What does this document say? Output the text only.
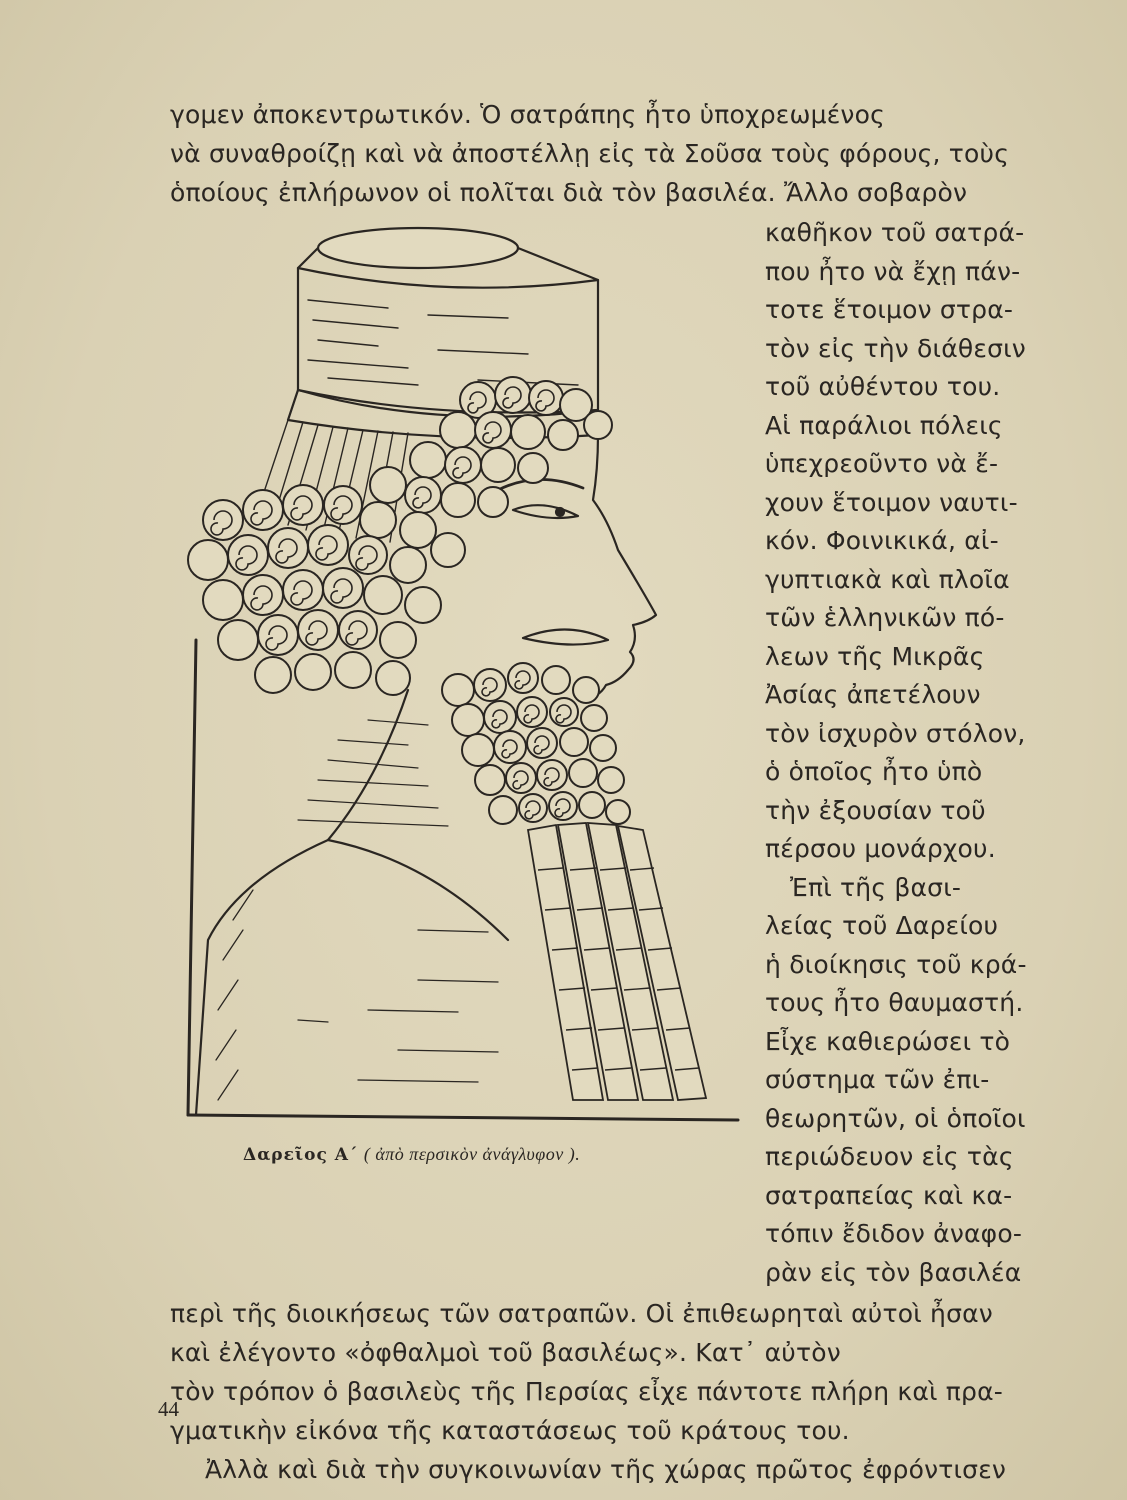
γομεν ἀποκεντρωτικόν. Ὁ σατράπης ἦτο ὑποχρεωμένος
νὰ συναθροίζῃ καὶ νὰ ἀποστέλλῃ εἰς τὰ Σοῦσα τοὺς φόρους, τοὺς
ὁποίους ἐπλήρωνον οἱ πολῖται διὰ τὸν βασιλέα. Ἄλλο σοβαρὸν
καθῆκον τοῦ σατρά-
που ἦτο νὰ ἔχῃ πάν-
τοτε ἕτοιμον στρα-
τὸν εἰς τὴν διάθεσιν
τοῦ αὐθέντου του.
Αἱ παράλιοι πόλεις
ὑπεχρεοῦντο νὰ ἔ-
χουν ἕτοιμον ναυτι-
κόν. Φοινικικά, αἰ-
γυπτιακὰ καὶ πλοῖα
τῶν ἑλληνικῶν πό-
λεων τῆς Μικρᾶς
Ἀσίας ἀπετέλουν
τὸν ἰσχυρὸν στόλον,
ὁ ὁποῖος ἦτο ὑπὸ
τὴν ἐξουσίαν τοῦ
πέρσου μονάρχου.
Ἐπὶ τῆς βασι-
λείας τοῦ Δαρείου
ἡ διοίκησις τοῦ κρά-
τους ἦτο θαυμαστή.
Εἶχε καθιερώσει τὸ
σύστημα τῶν ἐπι-
θεωρητῶν, οἱ ὁποῖοι
περιώδευον εἰς τὰς
σατραπείας καὶ κα-
τόπιν ἔδιδον ἀναφο-
ρὰν εἰς τὸν βασιλέα
περὶ τῆς διοικήσεως τῶν σατραπῶν. Οἱ ἐπιθεωρηταὶ αὐτοὶ ἦσαν
καὶ ἐλέγοντο «ὀφθαλμοὶ τοῦ βασιλέως». Κατ᾽ αὐτὸν
τὸν τρόπον ὁ βασιλεὺς τῆς Περσίας εἶχε πάντοτε πλήρη καὶ πρα-
γματικὴν εἰκόνα τῆς καταστάσεως τοῦ κράτους του.
Ἀλλὰ καὶ διὰ τὴν συγκοινωνίαν τῆς χώρας πρῶτος ἐφρόντισεν
Δαρεῖος Α΄ ( ἀπὸ περσικὸν ἀνάγλυφον ).
44
